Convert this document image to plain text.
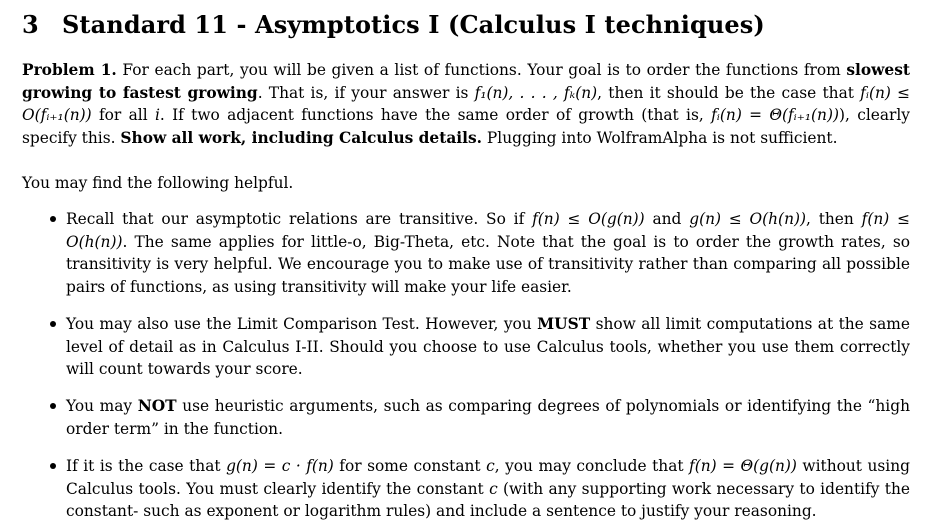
3 Standard 11 - Asymptotics I (Calculus I techniques)
Problem 1. For each part, you will be given a list of functions. Your goal is to order the functions from slowest growing to fastest growing. That is, if your answer is f₁(n), . . . , fₖ(n), then it should be the case that fᵢ(n) ≤ O(fᵢ₊₁(n)) for all i. If two adjacent functions have the same order of growth (that is, fᵢ(n) = Θ(fᵢ₊₁(n))), clearly specify this. Show all work, including Calculus details. Plugging into WolframAlpha is not sufficient.
You may find the following helpful.
Recall that our asymptotic relations are transitive. So if f(n) ≤ O(g(n)) and g(n) ≤ O(h(n)), then f(n) ≤ O(h(n)). The same applies for little-o, Big-Theta, etc. Note that the goal is to order the growth rates, so transitivity is very helpful. We encourage you to make use of transitivity rather than comparing all possible pairs of functions, as using transitivity will make your life easier.
You may also use the Limit Comparison Test. However, you MUST show all limit computations at the same level of detail as in Calculus I-II. Should you choose to use Calculus tools, whether you use them correctly will count towards your score.
You may NOT use heuristic arguments, such as comparing degrees of polynomials or identifying the “high order term” in the function.
If it is the case that g(n) = c · f(n) for some constant c, you may conclude that f(n) = Θ(g(n)) without using Calculus tools. You must clearly identify the constant c (with any supporting work necessary to identify the constant- such as exponent or logarithm rules) and include a sentence to justify your reasoning.
